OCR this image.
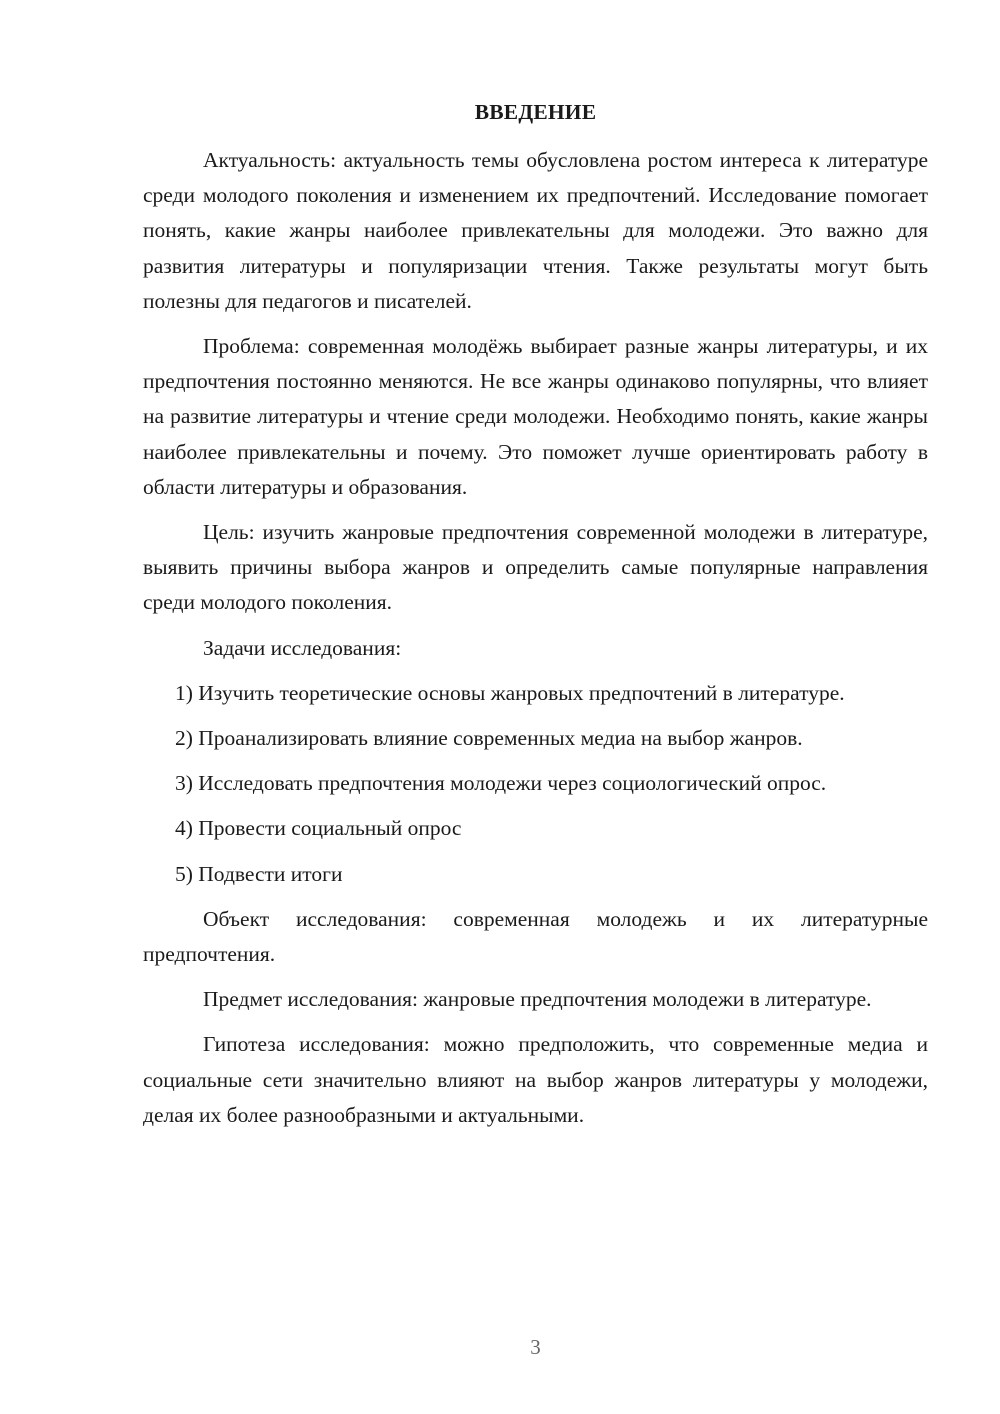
ВВЕДЕНИЕ

Актуальность: актуальность темы обусловлена ростом интереса к литературе среди молодого поколения и изменением их предпочтений. Исследование помогает понять, какие жанры наиболее привлекательны для молодежи. Это важно для развития литературы и популяризации чтения. Также результаты могут быть полезны для педагогов и писателей.

Проблема: современная молодёжь выбирает разные жанры литературы, и их предпочтения постоянно меняются. Не все жанры одинаково популярны, что влияет на развитие литературы и чтение среди молодежи. Необходимо понять, какие жанры наиболее привлекательны и почему. Это поможет лучше ориентировать работу в области литературы и образования.

Цель: изучить жанровые предпочтения современной молодежи в литературе, выявить причины выбора жанров и определить самые популярные направления среди молодого поколения.

Задачи исследования:

1) Изучить теоретические основы жанровых предпочтений в литературе.

2) Проанализировать влияние современных медиа на выбор жанров.

3) Исследовать предпочтения молодежи через социологический опрос.

4) Провести социальный опрос

5) Подвести итоги

Объект исследования: современная молодежь и их литературные предпочтения.

Предмет исследования: жанровые предпочтения молодежи в литературе.

Гипотеза исследования: можно предположить, что современные медиа и социальные сети значительно влияют на выбор жанров литературы у молодежи, делая их более разнообразными и актуальными.

3
